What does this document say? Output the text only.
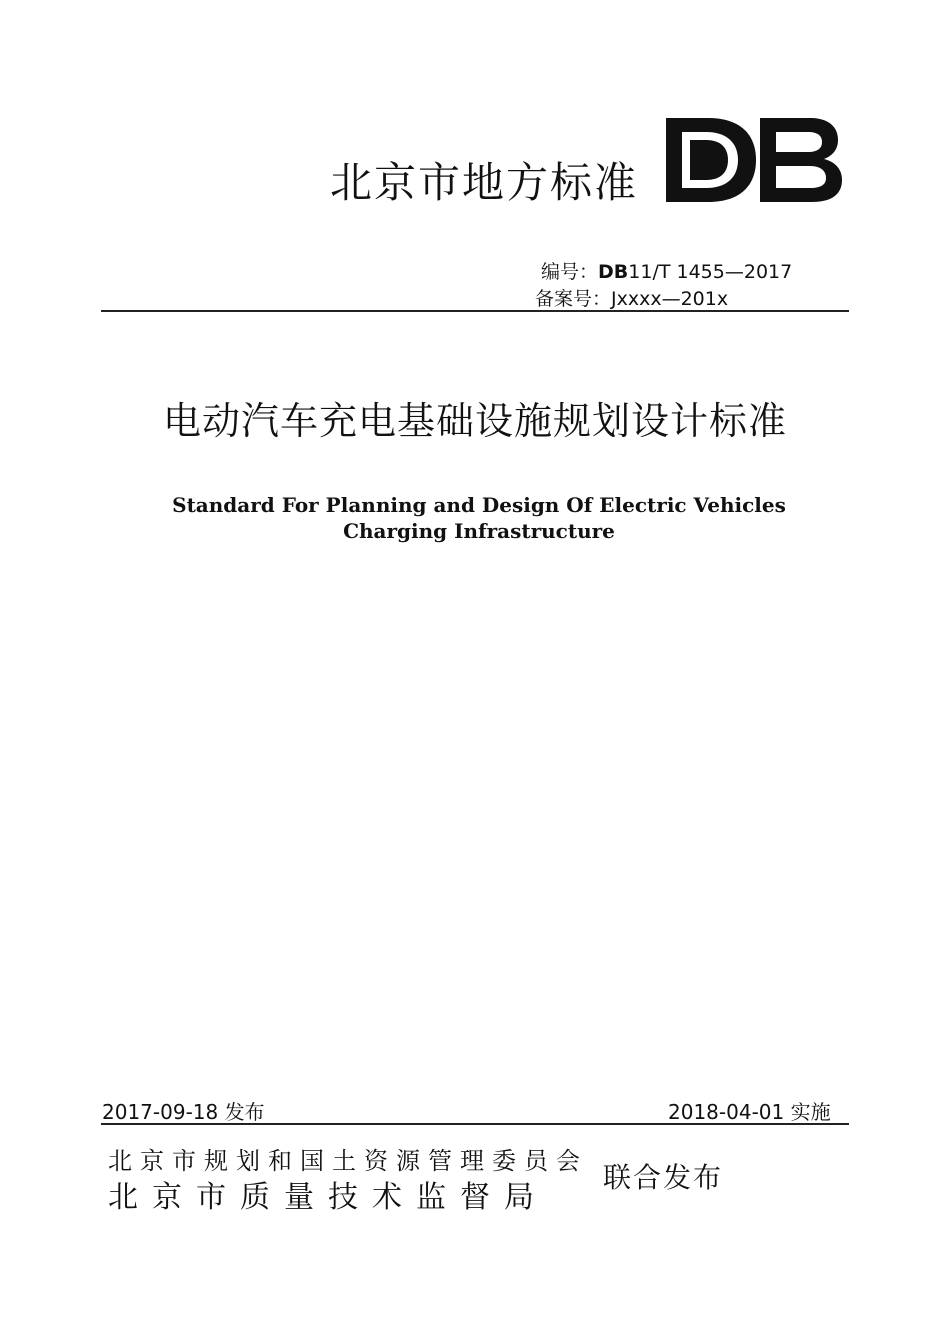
北京市地方标准
编号：DB11/T 1455—2017
备案号：Jxxxx—201x
电动汽车充电基础设施规划设计标准
Standard For Planning and Design Of Electric Vehicles
Charging Infrastructure
2017-09-18 发布	2018-04-01 实施
北京市规划和国土资源管理委员会
北京市质量技术监督局
联合发布
